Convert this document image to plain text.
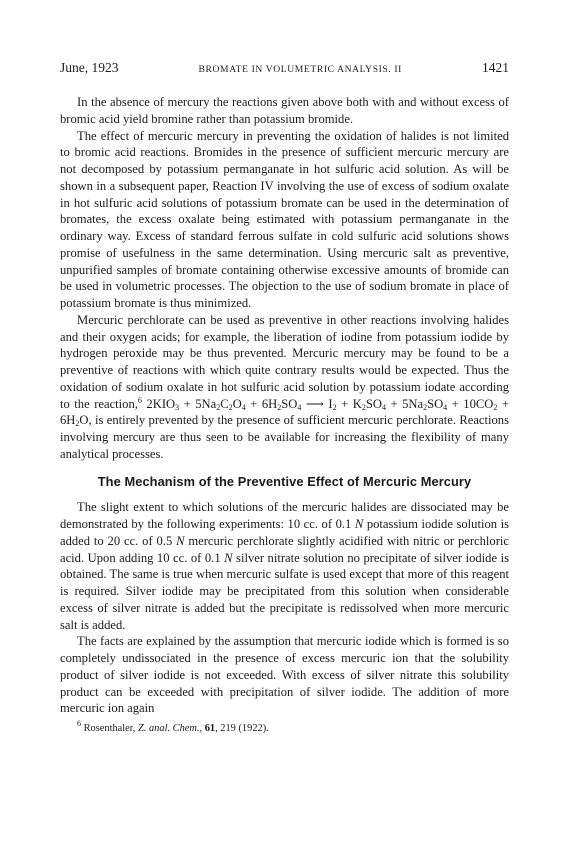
June, 1923	BROMATE IN VOLUMETRIC ANALYSIS. II	1421

In the absence of mercury the reactions given above both with and without excess of bromic acid yield bromine rather than potassium bromide.

The effect of mercuric mercury in preventing the oxidation of halides is not limited to bromic acid reactions. Bromides in the presence of sufficient mercuric mercury are not decomposed by potassium permanganate in hot sulfuric acid solution. As will be shown in a subsequent paper, Reaction IV involving the use of excess of sodium oxalate in hot sulfuric acid solutions of potassium bromate can be used in the determination of bromates, the excess oxalate being estimated with potassium permanganate in the ordinary way. Excess of standard ferrous sulfate in cold sulfuric acid solutions shows promise of usefulness in the same determination. Using mercuric salt as preventive, unpurified samples of bromate containing otherwise excessive amounts of bromide can be used in volumetric processes. The objection to the use of sodium bromate in place of potassium bromate is thus minimized.

Mercuric perchlorate can be used as preventive in other reactions involving halides and their oxygen acids; for example, the liberation of iodine from potassium iodide by hydrogen peroxide may be thus prevented. Mercuric mercury may be found to be a preventive of reactions with which quite contrary results would be expected. Thus the oxidation of sodium oxalate in hot sulfuric acid solution by potassium iodate according to the reaction,$^6$ $2KIO_3 + 5Na_2C_2O_4 + 6H_2SO_4$ ⟶ $I_2 + K_2SO_4 + 5Na_2SO_4 + 10CO_2 + 6H_2O$, is entirely prevented by the presence of sufficient mercuric perchlorate. Reactions involving mercury are thus seen to be available for increasing the flexibility of many analytical processes.

The Mechanism of the Preventive Effect of Mercuric Mercury

The slight extent to which solutions of the mercuric halides are dissociated may be demonstrated by the following experiments: 10 cc. of 0.1 N potassium iodide solution is added to 20 cc. of 0.5 N mercuric perchlorate slightly acidified with nitric or perchloric acid. Upon adding 10 cc. of 0.1 N silver nitrate solution no precipitate of silver iodide is obtained. The same is true when mercuric sulfate is used except that more of this reagent is required. Silver iodide may be precipitated from this solution when considerable excess of silver nitrate is added but the precipitate is redissolved when more mercuric salt is added.

The facts are explained by the assumption that mercuric iodide which is formed is so completely undissociated in the presence of excess mercuric ion that the solubility product of silver iodide is not exceeded. With excess of silver nitrate this solubility product can be exceeded with precipitation of silver iodide. The addition of more mercuric ion again

$^6$ Rosenthaler, Z. anal. Chem., 61, 219 (1922).
